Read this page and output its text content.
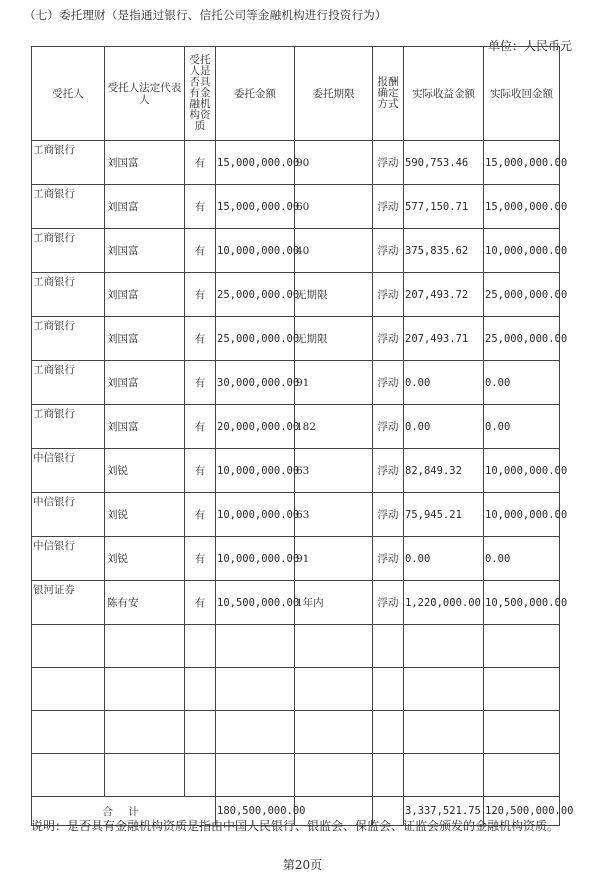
（七）委托理财（是指通过银行、信托公司等金融机构进行投资行为）
单位：人民币元
受托人	受托人法定代表人	受托人是否具有金融机构资质	委托金额	委托期限	报酬确定方式	实际收益金额	实际收回金额
工商银行	刘国富	有	15,000,000.00	90	浮动	590,753.46	15,000,000.00
工商银行	刘国富	有	15,000,000.00	60	浮动	577,150.71	15,000,000.00
工商银行	刘国富	有	10,000,000.00	40	浮动	375,835.62	10,000,000.00
工商银行	刘国富	有	25,000,000.00	无期限	浮动	207,493.72	25,000,000.00
工商银行	刘国富	有	25,000,000.00	无期限	浮动	207,493.71	25,000,000.00
工商银行	刘国富	有	30,000,000.00	91	浮动	0.00	0.00
工商银行	刘国富	有	20,000,000.00	182	浮动	0.00	0.00
中信银行	刘锐	有	10,000,000.00	63	浮动	82,849.32	10,000,000.00
中信银行	刘锐	有	10,000,000.00	63	浮动	75,945.21	10,000,000.00
中信银行	刘锐	有	10,000,000.00	91	浮动	0.00	0.00
银河证券	陈有安	有	10,500,000.00	1年内	浮动	1,220,000.00	10,500,000.00

合 计			180,500,000.00			3,337,521.75	120,500,000.00
说明：是否具有金融机构资质是指由中国人民银行、银监会、保监会、证监会颁发的金融机构资质。
第20页
